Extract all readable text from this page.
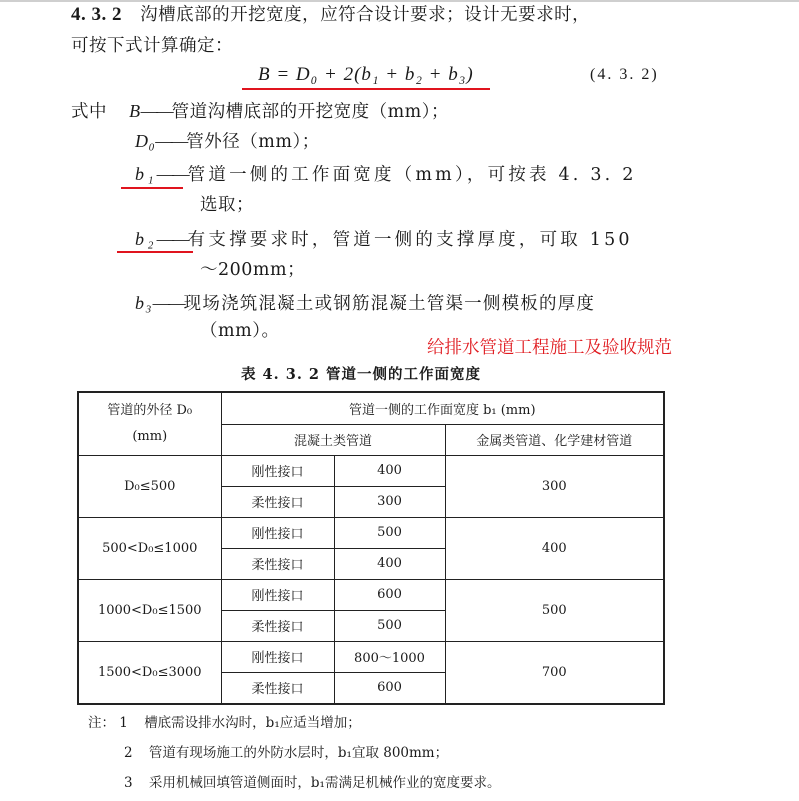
4. 3. 2 沟槽底部的开挖宽度，应符合设计要求；设计无要求时，
可按下式计算确定：
B = D₀ + 2(b₁ + b₂ + b₃)	(4. 3. 2)
式中 B——管道沟槽底部的开挖宽度（mm）；
D₀——管外径（mm）；
b₁——管道一侧的工作面宽度（mm），可按表 4. 3. 2
选取；
b₂——有支撑要求时，管道一侧的支撑厚度，可取 150
～200mm；
b₃——现场浇筑混凝土或钢筋混凝土管渠一侧模板的厚度
（mm）。
给排水管道工程施工及验收规范
表 4. 3. 2 管道一侧的工作面宽度
管道的外径 D₀
(mm)	管道一侧的工作面宽度 b₁ (mm)		
	混凝土类管道		金属类管道、化学建材管道
D₀≤500	刚性接口	400	300
	柔性接口	300	
500<D₀≤1000	刚性接口	500	400
	柔性接口	400	
1000<D₀≤1500	刚性接口	600	500
	柔性接口	500	
1500<D₀≤3000	刚性接口	800～1000	700
	柔性接口	600	
注： 1 槽底需设排水沟时，b₁应适当增加；
2 管道有现场施工的外防水层时，b₁宜取 800mm；
3 采用机械回填管道侧面时，b₁需满足机械作业的宽度要求。
